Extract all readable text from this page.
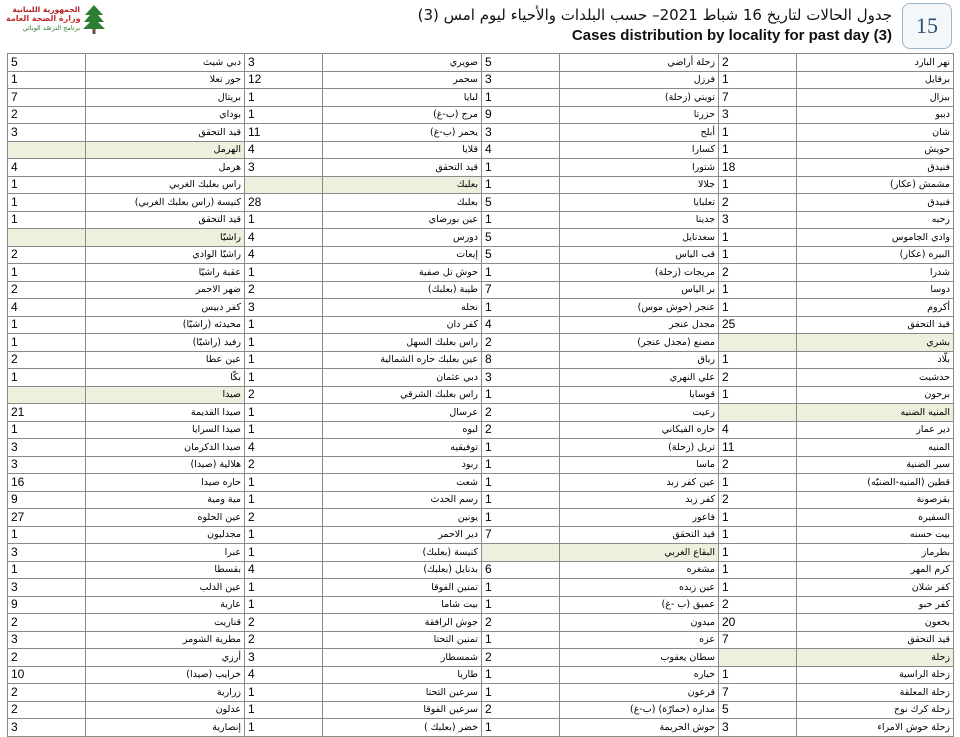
الجمهورية اللبنانية
وزارة الصحة العامة
برنامج الترصّد الوبائي
جدول الحالات لتاريخ 16 شباط 2021– حسب البلدات والأحياء ليوم امس (3)
Cases distribution by locality for past day (3)	15
5	دبي شيث	3	صويري	5	زحلة أراضي	2	نهر البارد
1	حور تعلا	12	سحمر	3	فرزل	1	برقايل
7	بريتال	1	لبايا	1	تويتي (زحلة)	7	ببزال
2	بوداي	1	مرج (ب-غ)	9	حزرتا	3	دببو
3	قيد التحقق	11	يحمر (ب-غ)	3	أبلح	1	شان
	الهرمل	4	قلايا	4	كسارا	1	حويش
4	هرمل	3	قيد التحقق	1	شتورا	18	فنيدق
1	راس بعلبك الغربي		بعلبك	1	جلالا	1	مشمش (عكار)
1	كنيسة (راس بعلبك الغربي)	28	بعلبك	5	تعلبايا	2	فنيدق
1	قيد التحقق	1	عين بورضاي	1	جديتا	3	رحبه
	راشيّا	4	دورس	5	سعدنايل	1	وادي الجاموس
2	راشيّا الوادي	4	إيعات	5	قب الياس	1	البيره (عكار)
1	عقبة راشيّا	1	حوش تل صفية	1	مريجات (زحلة)	2	شدرا
2	ضهر الاحمر	2	طيبة (بعلبك)	7	بر الياس	1	دوسا
4	كفر دبيس	3	نحله	1	عنجر (حوش موس)	1	أكروم
1	محيدثه (راشيّا)	1	كفر دان	4	مجدل عنجر	25	قيد التحقق
1	رفيد (راشيّا)	1	راس بعلبك السهل	2	مصنع (مجدل عنجر)		بشري
2	عين عطا	1	عين بعلبك حاره الشمالية	8	رياق	1	بلّاد
1	بكّا	1	دبي عثمان	3	علي النهري	2	حدشيت
	صيدا	2	راس بعلبك الشرقي	1	قوسايا	1	برحون
21	صيدا القديمة	1	عرسال	2	رعيت		المنيه الضنيه
1	صيدا السرايا	1	لبوه	2	حاره الفيكاني	4	دير عمار
3	صيدا الدكرمان	4	توفيقيه	1	تربل (زحلة)	11	المنيه
3	هلالية (صيدا)	2	ربود	1	ماسا	2	سير الضنية
16	حاره صيدا	1	شعت	1	عين كفر زبد	1	قطين (المنيه-الضنيّه)
9	مية ومية	1	رسم الحدث	1	كفر زبد	2	بقرصونة
27	عين الحلوه	2	يونين	1	فاعور	1	السفيره
1	مجدليون	1	دير الاحمر	7	قيد التحقق	1	بيت حسنه
3	عبرا	1	كنيسة (بعلبك)		البقاع الغربي	1	بطرماز
1	بقسطا	4	بدنايل (بعلبك)	6	مشغره	1	كرم المهر
3	عين الدلب	1	تمنين الفوقا	1	عين زبده	1	كفر شلان
9	عارية	1	بيت شاما	1	عميق (ب -غ)	2	كفر حبو
2	قناريت	2	جوش الرافقة	2	ميدون	20	بخعون
3	مطرية الشومر	2	تمنين التحتا	1	عزه	7	قيد التحقق
2	أرزي	3	شمسطار	2	سطان يعقوب		زحلة
10	خرايب (صيدا)	4	طاريا	1	خياره	1	زحلة الراسية
2	زرارية	1	سرعين التحتا	1	قرعون	7	زحلة المعلقة
2	عدلون	1	سرعين الفوقا	2	مداره (حمارّة) (ب-غ)	5	زحلة كرك نوح
3	إنصارية	1	خضر (بعلبك )	1	حوش الحريمة	3	زحلة حوش الامراء
